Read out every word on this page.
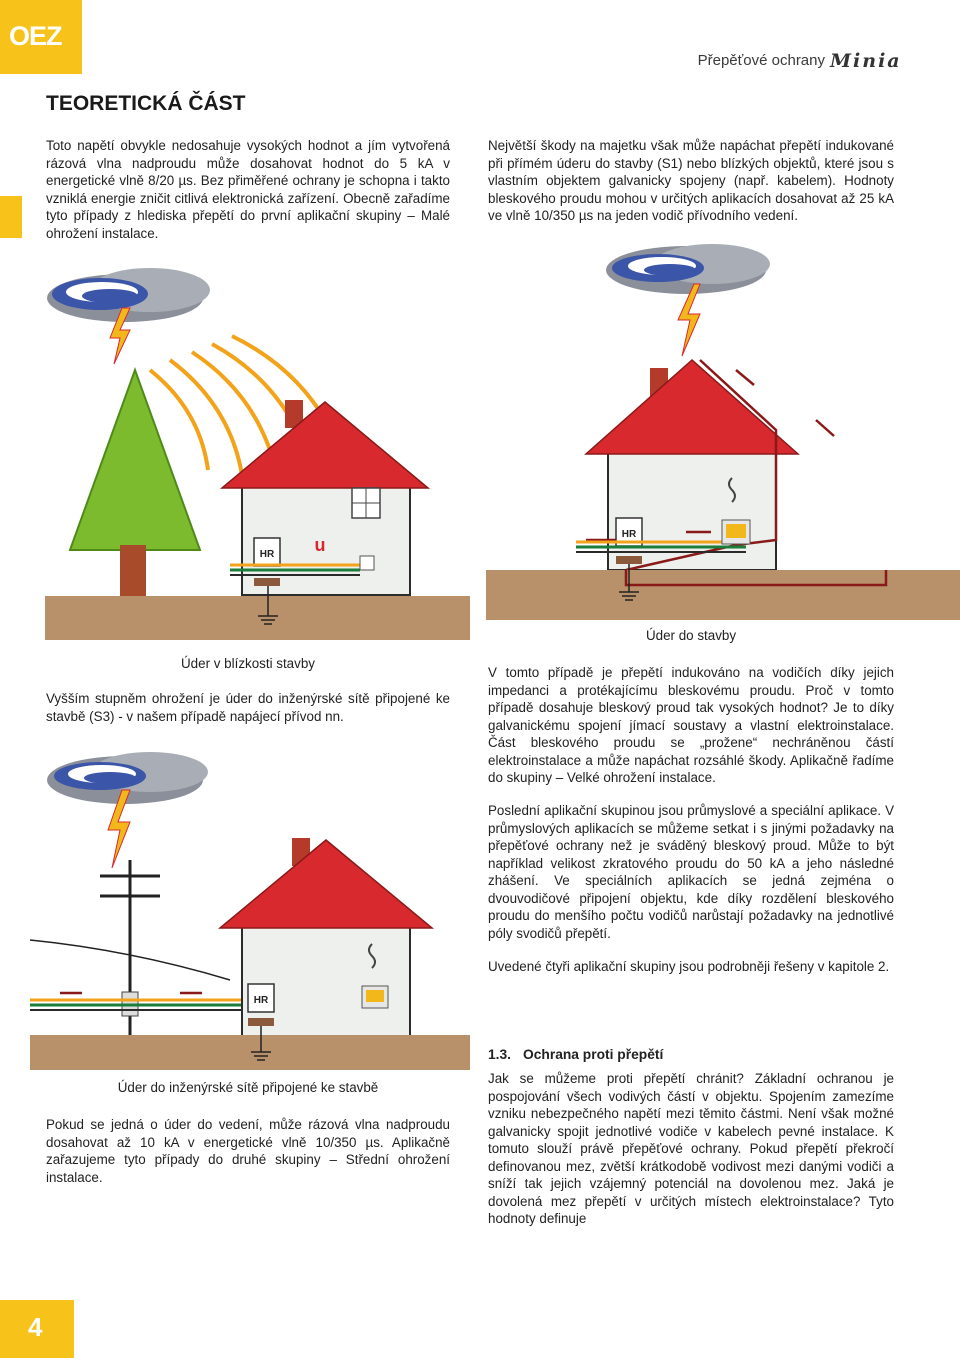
OEZ
Přepěťové ochrany Minia
TEORETICKÁ ČÁST
Toto napětí obvykle nedosahuje vysokých hodnot a jím vytvořená rázová vlna nadproudu může dosahovat hodnot do 5 kA v energetické vlně 8/20 µs. Bez přiměřené ochrany je schopna i takto vzniklá energie zničit citlivá elektronická zařízení. Obecně zařadíme tyto případy z hlediska přepětí do první aplikační skupiny – Malé ohrožení instalace.
Největší škody na majetku však může napáchat přepětí indukované při přímém úderu do stavby (S1) nebo blízkých objektů, které jsou s vlastním objektem galvanicky spojeny (např. kabelem). Hodnoty bleskového proudu mohou v určitých aplikacích dosahovat až 25 kA ve vlně 10/350 µs na jeden vodič přívodního vedení.
HR u
Úder v blízkosti stavby
HR
Úder do stavby
Vyšším stupněm ohrožení je úder do inženýrské sítě připojené ke stavbě (S3) - v našem případě napájecí přívod nn.
V tomto případě je přepětí indukováno na vodičích díky jejich impedanci a protékajícímu bleskovému proudu. Proč v tomto případě dosahuje bleskový proud tak vysokých hodnot? Je to díky galvanickému spojení jímací soustavy a vlastní elektroinstalace. Část bleskového proudu se „prožene“ nechráněnou částí elektroinstalace a může napáchat rozsáhlé škody. Aplikačně řadíme do skupiny – Velké ohrožení instalace.
Poslední aplikační skupinou jsou průmyslové a speciální aplikace. V průmyslových aplikacích se můžeme setkat i s jinými požadavky na přepěťové ochrany než je sváděný bleskový proud. Může to být například velikost zkratového proudu do 50 kA a jeho následné zhášení. Ve speciálních aplikacích se jedná zejména o dvouvodičové připojení objektu, kde díky rozdělení bleskového proudu do menšího počtu vodičů narůstají požadavky na jednotlivé póly svodičů přepětí.
Uvedené čtyři aplikační skupiny jsou podrobněji řešeny v kapitole 2.
HR
Úder do inženýrské sítě připojené ke stavbě
Pokud se jedná o úder do vedení, může rázová vlna nadproudu dosahovat až 10 kA v energetické vlně 10/350 µs. Aplikačně zařazujeme tyto případy do druhé skupiny – Střední ohrožení instalace.
1.3. Ochrana proti přepětí
Jak se můžeme proti přepětí chránit? Základní ochranou je pospojování všech vodivých částí v objektu. Spojením zamezíme vzniku nebezpečného napětí mezi těmito částmi. Není však možné galvanicky spojit jednotlivé vodiče v kabelech pevné instalace. K tomuto slouží právě přepěťové ochrany. Pokud přepětí překročí definovanou mez, zvětší krátkodobě vodivost mezi danými vodiči a sníží tak jejich vzájemný potenciál na dovolenou mez. Jaká je dovolená mez přepětí v určitých místech elektroinstalace? Tyto hodnoty definuje
4
